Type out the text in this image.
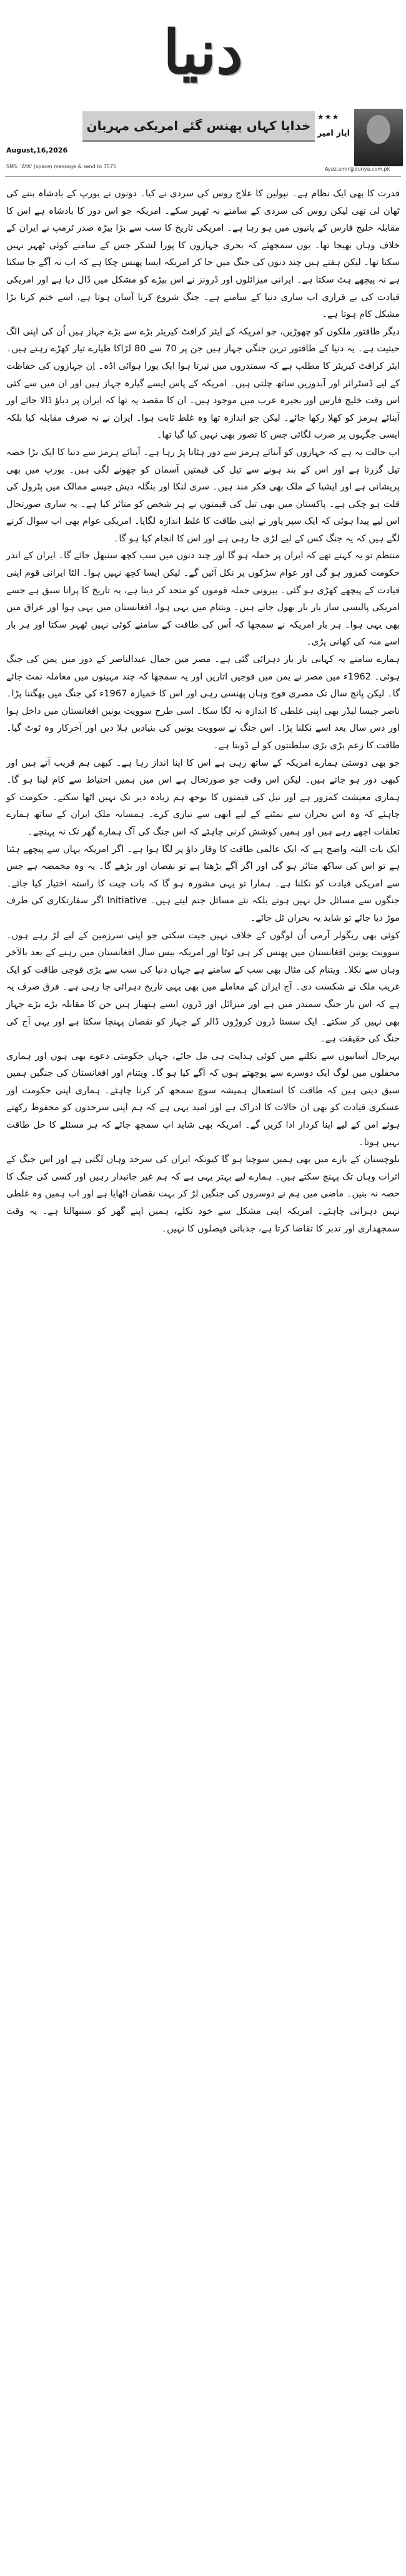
دنیا
خدایا کہاں پھنس گئے امریکی مہربان
★★★
ایاز امیر
August,16,2026
SMS: 'AYA' (space) message & send to 7575	Ayaz.amir@dunya.com.pk

قدرت کا بھی ایک نظام ہے۔ نپولین کا علاج روس کی سردی نے کیا۔ دونوں نے یورپ کے بادشاہ بننے کی ٹھان لی تھی لیکن روس کی سردی کے سامنے نہ ٹھہر سکے۔ امریکہ جو اس دور کا بادشاہ ہے اس کا مقابلہ خلیج فارس کے پانیوں میں ہو رہا ہے۔ امریکی تاریخ کا سب سے بڑا بیڑہ صدر ٹرمپ نے ایران کے خلاف وہاں بھیجا تھا۔ یوں سمجھئے کہ بحری جہازوں کا پورا لشکر جس کے سامنے کوئی ٹھہر نہیں سکتا تھا۔ لیکن ہفتے ہیں چند دنوں کی جنگ میں جا کر امریکہ ایسا پھنس چکا ہے کہ اب نہ آگے جا سکتا ہے نہ پیچھے ہٹ سکتا ہے۔ ایرانی میزائلوں اور ڈرونز نے اس بیڑے کو مشکل میں ڈال دیا ہے اور امریکی قیادت کی بے قراری اب ساری دنیا کے سامنے ہے۔ جنگ شروع کرنا آسان ہوتا ہے، اسے ختم کرنا بڑا مشکل کام ہوتا ہے۔

دیگر طاقتور ملکوں کو چھوڑیں، جو امریکہ کے ایئر کرافٹ کیریئر بڑے سے بڑے جہاز ہیں اُن کی اپنی الگ حیثیت ہے۔ یہ دنیا کے طاقتور ترین جنگی جہاز ہیں جن پر 70 سے 80 لڑاکا طیارے تیار کھڑے رہتے ہیں۔ ایئر کرافٹ کیریئر کا مطلب ہے کہ سمندروں میں تیرتا ہوا ایک پورا ہوائی اڈہ۔ اِن جہازوں کی حفاظت کے لیے ڈسٹرائر اور آبدوزیں ساتھ چلتی ہیں۔ امریکہ کے پاس ایسے گیارہ جہاز ہیں اور ان میں سے کئی اس وقت خلیج فارس اور بحیرہ عرب میں موجود ہیں۔ ان کا مقصد یہ تھا کہ ایران پر دباؤ ڈالا جائے اور آبنائے ہرمز کو کھلا رکھا جائے۔ لیکن جو اندازہ تھا وہ غلط ثابت ہوا۔ ایران نے نہ صرف مقابلہ کیا بلکہ ایسی جگہوں پر ضرب لگائی جس کا تصور بھی نہیں کیا گیا تھا۔

اب حالت یہ ہے کہ جہازوں کو آبنائے ہرمز سے دور ہٹانا پڑ رہا ہے۔ آبنائے ہرمز سے دنیا کا ایک بڑا حصہ تیل گزرتا ہے اور اس کے بند ہونے سے تیل کی قیمتیں آسمان کو چھونے لگی ہیں۔ یورپ میں بھی پریشانی ہے اور ایشیا کے ملک بھی فکر مند ہیں۔ سری لنکا اور بنگلہ دیش جیسے ممالک میں پٹرول کی قلت ہو چکی ہے۔ پاکستان میں بھی تیل کی قیمتوں نے ہر شخص کو متاثر کیا ہے۔ یہ ساری صورتحال اس لیے پیدا ہوئی کہ ایک سپر پاور نے اپنی طاقت کا غلط اندازہ لگایا۔ امریکی عوام بھی اب سوال کرنے لگے ہیں کہ یہ جنگ کس کے لیے لڑی جا رہی ہے اور اس کا انجام کیا ہو گا۔

منتظم تو یہ کہتے تھے کہ ایران پر حملہ ہو گا اور چند دنوں میں سب کچھ سنبھل جائے گا۔ ایران کے اندر حکومت کمزور ہو گی اور عوام سڑکوں پر نکل آئیں گے۔ لیکن ایسا کچھ نہیں ہوا۔ الٹا ایرانی قوم اپنی قیادت کے پیچھے کھڑی ہو گئی۔ بیرونی حملہ قوموں کو متحد کر دیتا ہے، یہ تاریخ کا پرانا سبق ہے جسے امریکی پالیسی ساز بار بار بھول جاتے ہیں۔ ویتنام میں یہی ہوا، افغانستان میں یہی ہوا اور عراق میں بھی یہی ہوا۔ ہر بار امریکہ نے سمجھا کہ اُس کی طاقت کے سامنے کوئی نہیں ٹھہر سکتا اور ہر بار اسے منہ کی کھانی پڑی۔

ہمارے سامنے یہ کہانی بار بار دہرائی گئی ہے۔ مصر میں جمال عبدالناصر کے دور میں یمن کی جنگ ہوئی۔ 1962ء میں مصر نے یمن میں فوجیں اتاریں اور یہ سمجھا کہ چند مہینوں میں معاملہ نمٹ جائے گا۔ لیکن پانچ سال تک مصری فوج وہاں پھنسی رہی اور اس کا خمیازہ 1967ء کی جنگ میں بھگتنا پڑا۔ ناصر جیسا لیڈر بھی اپنی غلطی کا اندازہ نہ لگا سکا۔ اسی طرح سوویت یونین افغانستان میں داخل ہوا اور دس سال بعد اسے نکلنا پڑا۔ اس جنگ نے سوویت یونین کی بنیادیں ہلا دیں اور آخرکار وہ ٹوٹ گیا۔ طاقت کا زعم بڑی بڑی سلطنتوں کو لے ڈوبتا ہے۔

جو بھی دوستی ہمارے امریکہ کے ساتھ رہی ہے اس کا اپنا انداز رہا ہے۔ کبھی ہم قریب آتے ہیں اور کبھی دور ہو جاتے ہیں۔ لیکن اس وقت جو صورتحال ہے اس میں ہمیں احتیاط سے کام لینا ہو گا۔ ہماری معیشت کمزور ہے اور تیل کی قیمتوں کا بوجھ ہم زیادہ دیر تک نہیں اٹھا سکتے۔ حکومت کو چاہئے کہ وہ اس بحران سے نمٹنے کے لیے ابھی سے تیاری کرے۔ ہمسایہ ملک ایران کے ساتھ ہمارے تعلقات اچھے رہے ہیں اور ہمیں کوشش کرنی چاہئے کہ اس جنگ کی آگ ہمارے گھر تک نہ پہنچے۔

ایک بات البتہ واضح ہے کہ ایک عالمی طاقت کا وقار داؤ پر لگا ہوا ہے۔ اگر امریکہ یہاں سے پیچھے ہٹتا ہے تو اس کی ساکھ متاثر ہو گی اور اگر آگے بڑھتا ہے تو نقصان اور بڑھے گا۔ یہ وہ مخمصہ ہے جس سے امریکی قیادت کو نکلنا ہے۔ ہمارا تو یہی مشورہ ہو گا کہ بات چیت کا راستہ اختیار کیا جائے۔ جنگوں سے مسائل حل نہیں ہوتے بلکہ نئے مسائل جنم لیتے ہیں۔ Initiative اگر سفارتکاری کی طرف موڑ دیا جائے تو شاید یہ بحران ٹل جائے۔

کوئی بھی ریگولر آرمی اُن لوگوں کے خلاف نہیں جیت سکتی جو اپنی سرزمین کے لیے لڑ رہے ہوں۔ سوویت یونین افغانستان میں پھنس کر ہی ٹوٹا اور امریکہ بیس سال افغانستان میں رہنے کے بعد بالآخر وہاں سے نکلا۔ ویتنام کی مثال بھی سب کے سامنے ہے جہاں دنیا کی سب سے بڑی فوجی طاقت کو ایک غریب ملک نے شکست دی۔ آج ایران کے معاملے میں بھی یہی تاریخ دہرائی جا رہی ہے۔ فرق صرف یہ ہے کہ اس بار جنگ سمندر میں ہے اور میزائل اور ڈرون ایسے ہتھیار ہیں جن کا مقابلہ بڑے بڑے جہاز بھی نہیں کر سکتے۔ ایک سستا ڈرون کروڑوں ڈالر کے جہاز کو نقصان پہنچا سکتا ہے اور یہی آج کی جنگ کی حقیقت ہے۔

بہرحال آسانیوں سے نکلنے میں کوئی ہدایت ہی مل جائے، جہاں حکومتی دعوے بھی ہوں اور ہماری محفلوں میں لوگ ایک دوسرے سے پوچھتے ہوں کہ آگے کیا ہو گا۔ ویتنام اور افغانستان کی جنگیں ہمیں سبق دیتی ہیں کہ طاقت کا استعمال ہمیشہ سوچ سمجھ کر کرنا چاہئے۔ ہماری اپنی حکومت اور عسکری قیادت کو بھی ان حالات کا ادراک ہے اور امید یہی ہے کہ ہم اپنی سرحدوں کو محفوظ رکھتے ہوئے امن کے لیے اپنا کردار ادا کریں گے۔ امریکہ بھی شاید اب سمجھ جائے کہ ہر مسئلے کا حل طاقت نہیں ہوتا۔

بلوچستان کے بارے میں بھی ہمیں سوچنا ہو گا کیونکہ ایران کی سرحد وہاں لگتی ہے اور اس جنگ کے اثرات وہاں تک پہنچ سکتے ہیں۔ ہمارے لیے بہتر یہی ہے کہ ہم غیر جانبدار رہیں اور کسی کی جنگ کا حصہ نہ بنیں۔ ماضی میں ہم نے دوسروں کی جنگیں لڑ کر بہت نقصان اٹھایا ہے اور اب ہمیں وہ غلطی نہیں دہرانی چاہئے۔ امریکہ اپنی مشکل سے خود نکلے، ہمیں اپنے گھر کو سنبھالنا ہے۔ یہ وقت سمجھداری اور تدبر کا تقاضا کرتا ہے، جذباتی فیصلوں کا نہیں۔
